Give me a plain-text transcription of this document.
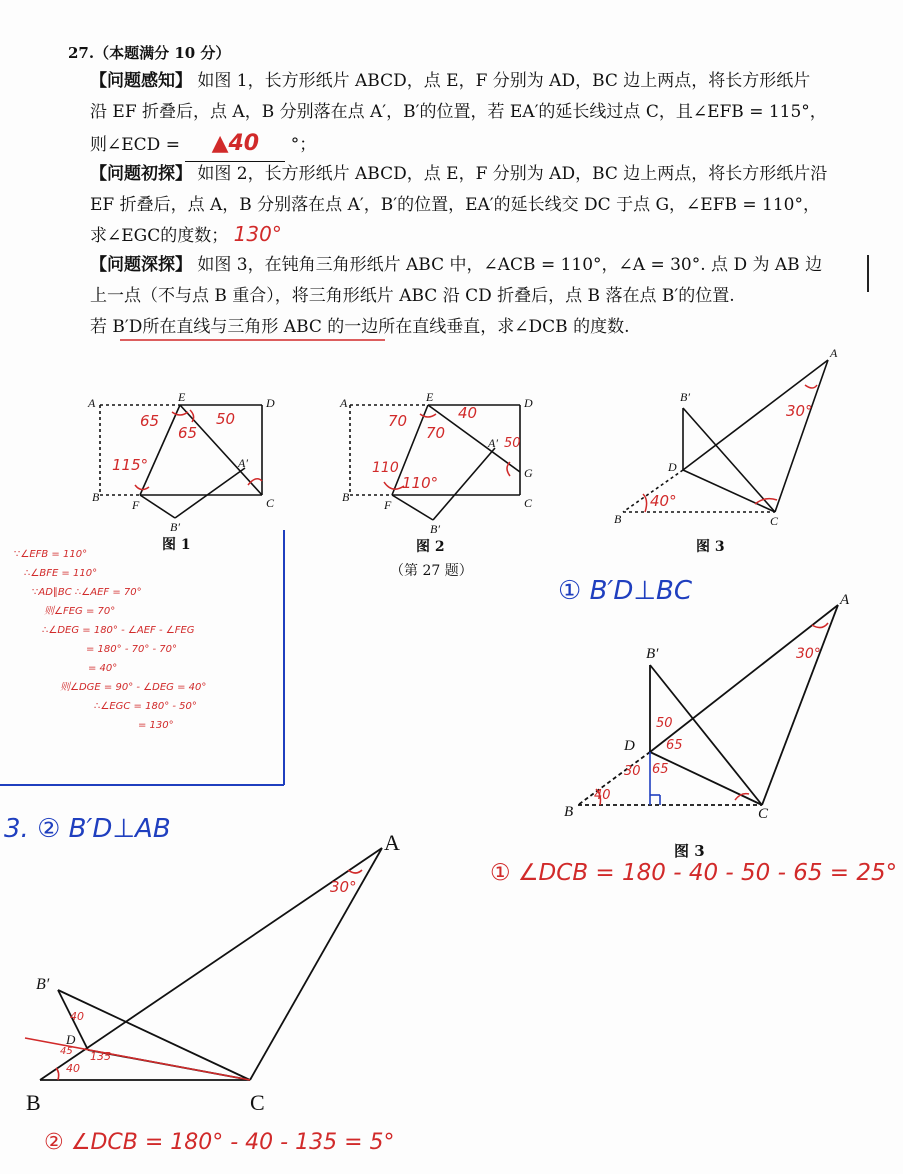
27.（本题满分 10 分）
【问题感知】 如图 1，长方形纸片 ABCD，点 E，F 分别为 AD，BC 边上两点，将长方形纸片
沿 EF 折叠后，点 A，B 分别落在点 A′，B′的位置，若 EA′的延长线过点 C，且∠EFB = 115°，
则∠ECD = ▲40 °；
【问题初探】 如图 2，长方形纸片 ABCD，点 E，F 分别为 AD，BC 边上两点，将长方形纸片沿
EF 折叠后，点 A，B 分别落在点 A′，B′的位置，EA′的延长线交 DC 于点 G，∠EFB = 110°，
求∠EGC的度数； 130°
【问题深探】 如图 3，在钝角三角形纸片 ABC 中，∠ACB = 110°，∠A = 30°. 点 D 为 AB 边
上一点（不与点 B 重合），将三角形纸片 ABC 沿 CD 折叠后，点 B 落在点 B′的位置.
若 B′D所在直线与三角形 ABC 的一边所在直线垂直，求∠DCB 的度数.
A	E	D
B
F	C
B′
A′
A	E	D
B
F	C
G
B′
A′
A
B′
D
B	C
图 1	图 2
（第 27 题）
图 3
65
65
50
115°
70
70
40
50
110
110°
30°
40°
∵∠EFB = 110°
∴∠BFE = 110°
∵AD∥BC ∴∠AEF = 70°
则∠FEG = 70°
∴∠DEG = 180° - ∠AEF - ∠FEG
= 180° - 70° - 70°
= 40°
则∠DGE = 90° - ∠DEG = 40°
∴∠EGC = 180° - 50°
= 130°
① B′D⊥BC	A
B′
D
B	C
50
65
65
40
30
30°
图 3
① ∠DCB = 180 - 40 - 50 - 65 = 25°
3. ② B′D⊥AB	A
B′
D
B	C
30°
40
45
40
135
② ∠DCB = 180° - 40 - 135 = 5°
